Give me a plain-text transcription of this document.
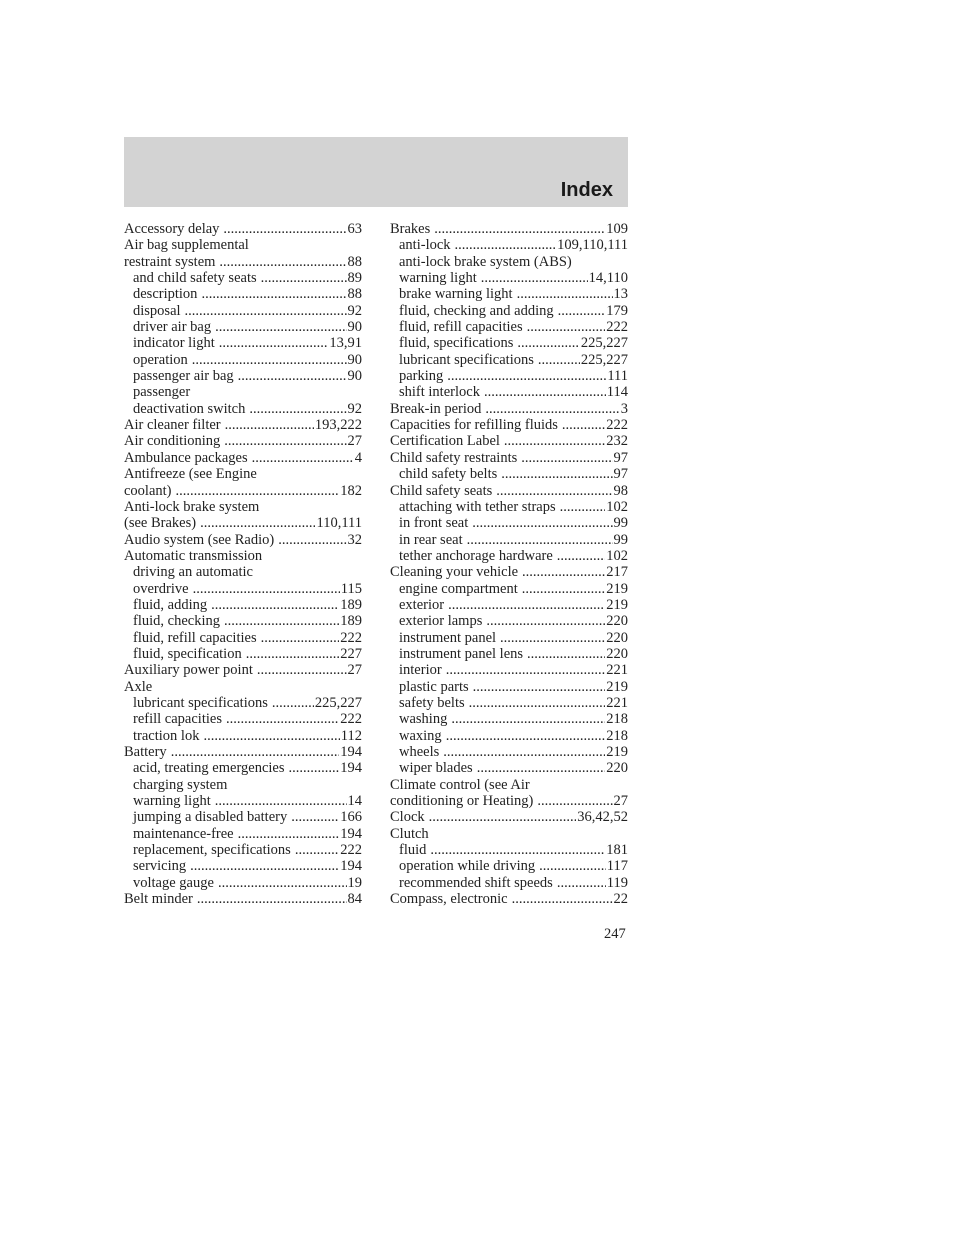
Index
Accessory delay .....	63
Air bag supplemental
restraint system .....	88
and child safety seats .....	89
description .....	88
disposal .....	92
driver air bag .....	90
indicator light .....	13,91
operation .....	90
passenger air bag .....	90
passenger
deactivation switch .....	92
Air cleaner filter .....	193,222
Air conditioning .....	27
Ambulance packages .....	4
Antifreeze (see Engine
coolant) .....	182
Anti-lock brake system
(see Brakes) .....	110,111
Audio system (see Radio) .....	32
Automatic transmission
driving an automatic
overdrive .....	115
fluid, adding .....	189
fluid, checking .....	189
fluid, refill capacities .....	222
fluid, specification .....	227
Auxiliary power point .....	27
Axle
lubricant specifications .....	225,227
refill capacities .....	222
traction lok .....	112
Battery .....	194
acid, treating emergencies .....	194
charging system
warning light .....	14
jumping a disabled battery .....	166
maintenance-free .....	194
replacement, specifications .....	222
servicing .....	194
voltage gauge .....	19
Belt minder .....	84
Brakes .....	109
anti-lock .....	109,110,111
anti-lock brake system (ABS)
warning light .....	14,110
brake warning light .....	13
fluid, checking and adding .....	179
fluid, refill capacities .....	222
fluid, specifications .....	225,227
lubricant specifications .....	225,227
parking .....	111
shift interlock .....	114
Break-in period .....	3
Capacities for refilling fluids .....	222
Certification Label .....	232
Child safety restraints .....	97
child safety belts .....	97
Child safety seats .....	98
attaching with tether straps .....	102
in front seat .....	99
in rear seat .....	99
tether anchorage hardware .....	102
Cleaning your vehicle .....	217
engine compartment .....	219
exterior .....	219
exterior lamps .....	220
instrument panel .....	220
instrument panel lens .....	220
interior .....	221
plastic parts .....	219
safety belts .....	221
washing .....	218
waxing .....	218
wheels .....	219
wiper blades .....	220
Climate control (see Air
conditioning or Heating) .....	27
Clock .....	36,42,52
Clutch
fluid .....	181
operation while driving .....	117
recommended shift speeds .....	119
Compass, electronic .....	22
247
